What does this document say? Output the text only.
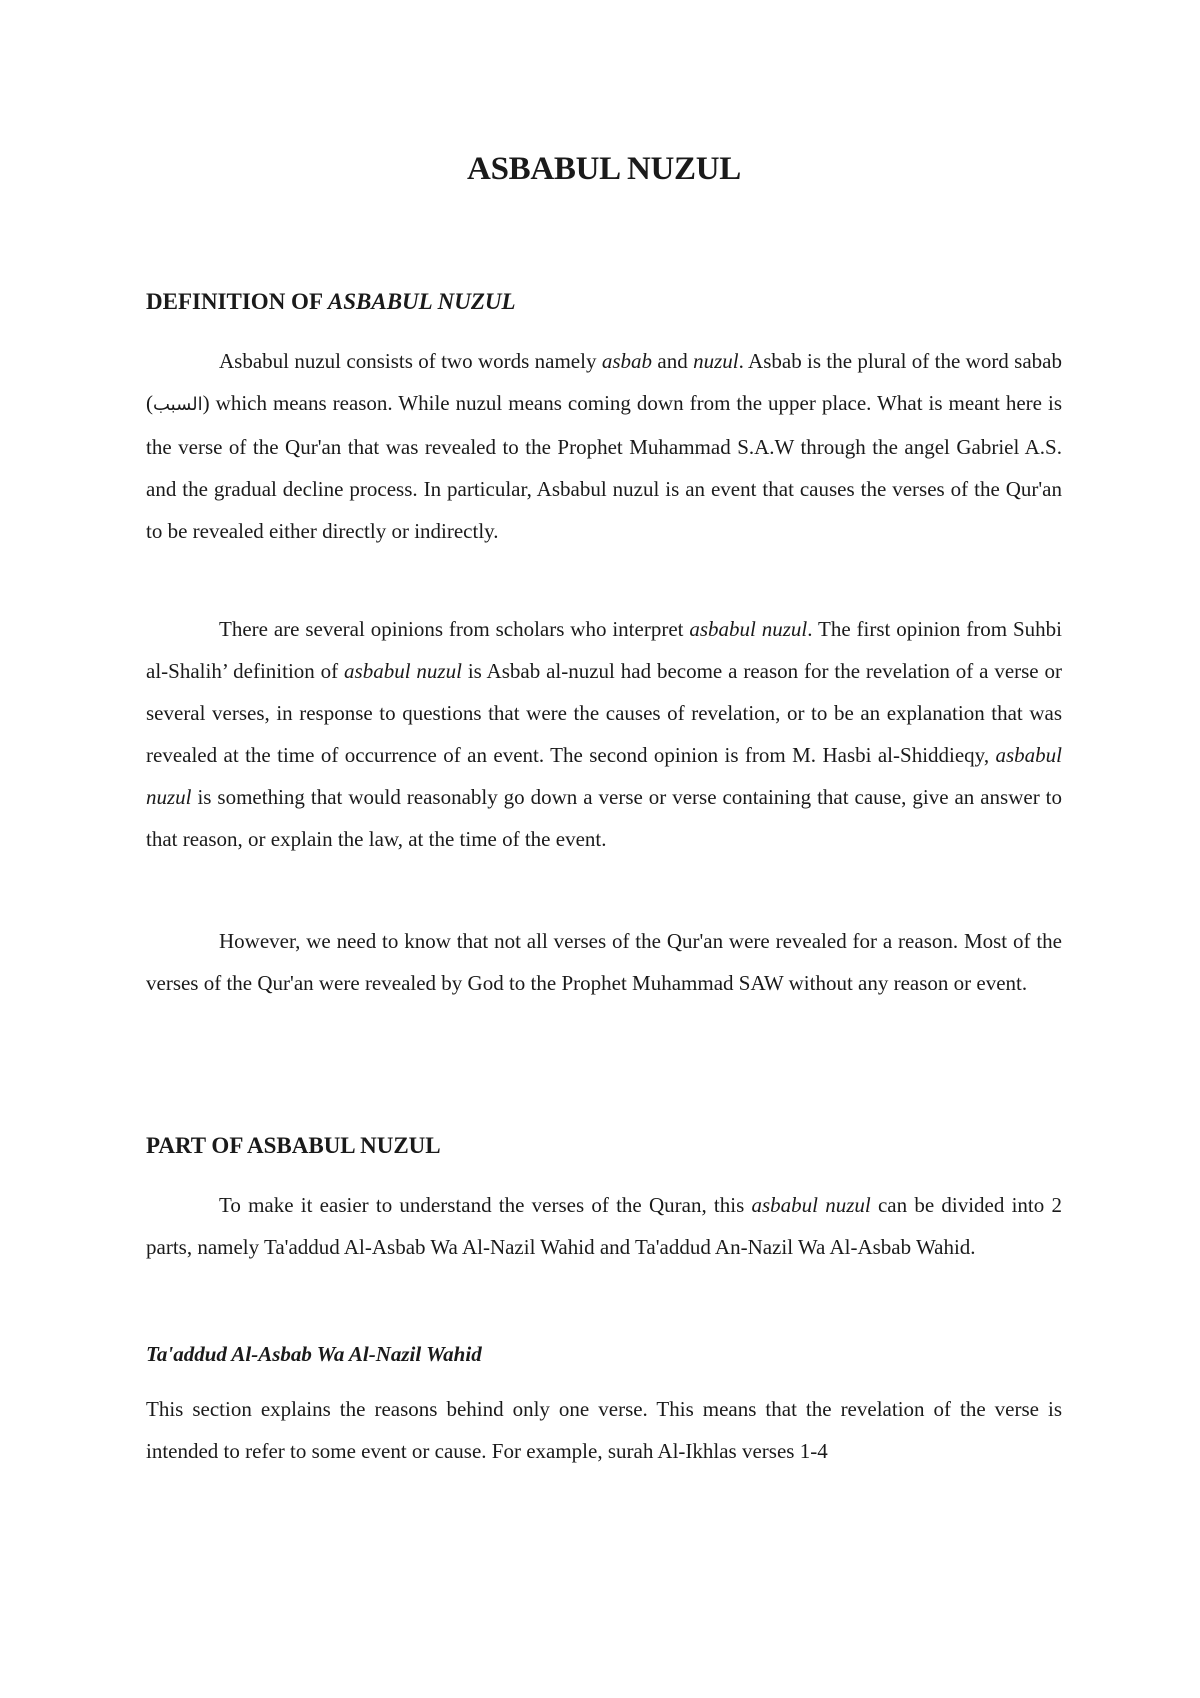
ASBABUL NUZUL
DEFINITION OF ASBABUL NUZUL

Asbabul nuzul consists of two words namely asbab and nuzul. Asbab is the plural of the word sabab (السبب) which means reason. While nuzul means coming down from the upper place. What is meant here is the verse of the Qur'an that was revealed to the Prophet Muhammad S.A.W through the angel Gabriel A.S. and the gradual decline process. In particular, Asbabul nuzul is an event that causes the verses of the Qur'an to be revealed either directly or indirectly.

There are several opinions from scholars who interpret asbabul nuzul. The first opinion from Suhbi al-Shalih’ definition of asbabul nuzul is Asbab al-nuzul had become a reason for the revelation of a verse or several verses, in response to questions that were the causes of revelation, or to be an explanation that was revealed at the time of occurrence of an event. The second opinion is from M. Hasbi al-Shiddieqy, asbabul nuzul is something that would reasonably go down a verse or verse containing that cause, give an answer to that reason, or explain the law, at the time of the event.

However, we need to know that not all verses of the Qur'an were revealed for a reason. Most of the verses of the Qur'an were revealed by God to the Prophet Muhammad SAW without any reason or event.

PART OF ASBABUL NUZUL

To make it easier to understand the verses of the Quran, this asbabul nuzul can be divided into 2 parts, namely Ta'addud Al-Asbab Wa Al-Nazil Wahid and Ta'addud An-Nazil Wa Al-Asbab Wahid.

Ta'addud Al-Asbab Wa Al-Nazil Wahid

This section explains the reasons behind only one verse. This means that the revelation of the verse is intended to refer to some event or cause. For example, surah Al-Ikhlas verses 1-4
